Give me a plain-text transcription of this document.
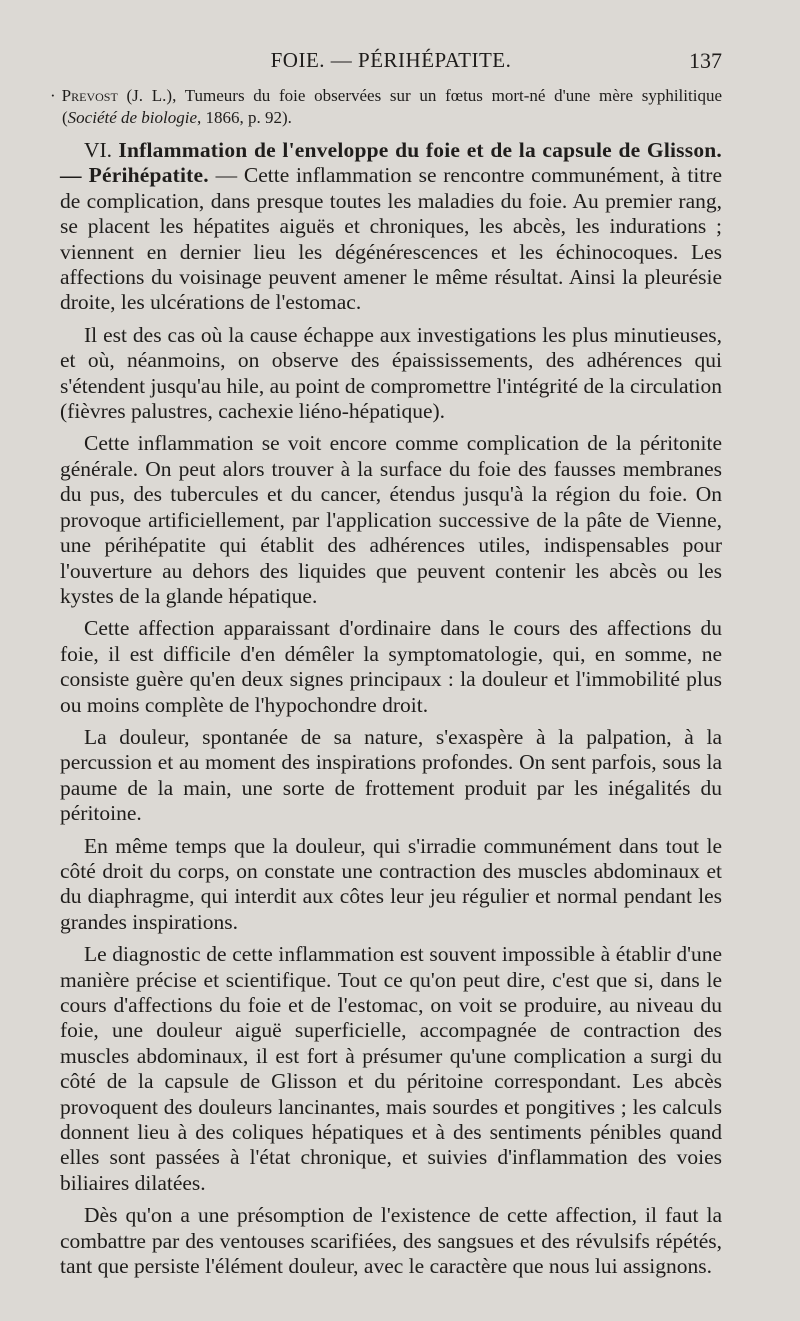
FOIE. — PÉRIHÉPATITE.	137
· Prevost (J. L.), Tumeurs du foie observées sur un fœtus mort-né d'une mère syphilitique (Société de biologie, 1866, p. 92).

VI. Inflammation de l'enveloppe du foie et de la capsule de Glisson. — Périhépatite. — Cette inflammation se rencontre communément, à titre de complication, dans presque toutes les maladies du foie. Au premier rang, se placent les hépatites aiguës et chroniques, les abcès, les indurations ; viennent en dernier lieu les dégénérescences et les échinocoques. Les affections du voisinage peuvent amener le même résultat. Ainsi la pleurésie droite, les ulcérations de l'estomac.

Il est des cas où la cause échappe aux investigations les plus minutieuses, et où, néanmoins, on observe des épaississements, des adhérences qui s'étendent jusqu'au hile, au point de compromettre l'intégrité de la circulation (fièvres palustres, cachexie liéno-hépatique).

Cette inflammation se voit encore comme complication de la péritonite générale. On peut alors trouver à la surface du foie des fausses membranes du pus, des tubercules et du cancer, étendus jusqu'à la région du foie. On provoque artificiellement, par l'application successive de la pâte de Vienne, une périhépatite qui établit des adhérences utiles, indispensables pour l'ouverture au dehors des liquides que peuvent contenir les abcès ou les kystes de la glande hépatique.

Cette affection apparaissant d'ordinaire dans le cours des affections du foie, il est difficile d'en démêler la symptomatologie, qui, en somme, ne consiste guère qu'en deux signes principaux : la douleur et l'immobilité plus ou moins complète de l'hypochondre droit.

La douleur, spontanée de sa nature, s'exaspère à la palpation, à la percussion et au moment des inspirations profondes. On sent parfois, sous la paume de la main, une sorte de frottement produit par les inégalités du péritoine.

En même temps que la douleur, qui s'irradie communément dans tout le côté droit du corps, on constate une contraction des muscles abdominaux et du diaphragme, qui interdit aux côtes leur jeu régulier et normal pendant les grandes inspirations.

Le diagnostic de cette inflammation est souvent impossible à établir d'une manière précise et scientifique. Tout ce qu'on peut dire, c'est que si, dans le cours d'affections du foie et de l'estomac, on voit se produire, au niveau du foie, une douleur aiguë superficielle, accompagnée de contraction des muscles abdominaux, il est fort à présumer qu'une complication a surgi du côté de la capsule de Glisson et du péritoine correspondant. Les abcès provoquent des douleurs lancinantes, mais sourdes et pongitives ; les calculs donnent lieu à des coliques hépatiques et à des sentiments pénibles quand elles sont passées à l'état chronique, et suivies d'inflammation des voies biliaires dilatées.

Dès qu'on a une présomption de l'existence de cette affection, il faut la combattre par des ventouses scarifiées, des sangsues et des révulsifs répétés, tant que persiste l'élément douleur, avec le caractère que nous lui assignons.
